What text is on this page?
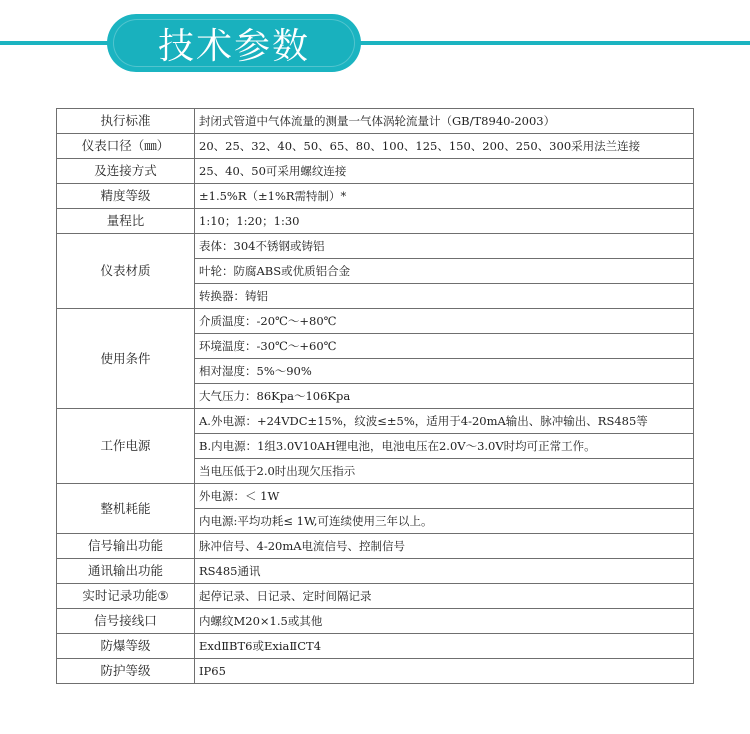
技术参数
执行标准	封闭式管道中气体流量的测量一气体涡轮流量计（GB/T8940-2003）
仪表口径（㎜）	20、25、32、40、50、65、80、100、125、150、200、250、300采用法兰连接
及连接方式	25、40、50可采用螺纹连接
精度等级	±1.5%R（±1%R需特制）*
量程比	1:10；1:20；1:30
仪表材质	表体：304不锈钢或铸铝
	叶轮：防腐ABS或优质铝合金
	转换器：铸铝
使用条件	介质温度：-20℃～+80℃
	环境温度：-30℃～+60℃
	相对湿度：5%～90%
	大气压力：86Kpa～106Kpa
工作电源	A.外电源：+24VDC±15%，纹波≤±5%，适用于4-20mA输出、脉冲输出、RS485等
	B.内电源：1组3.0V10AH锂电池，电池电压在2.0V～3.0V时均可正常工作。
	当电压低于2.0时出现欠压指示
整机耗能	外电源：＜ 1W
	内电源:平均功耗≤ 1W,可连续使用三年以上。
信号输出功能	脉冲信号、4-20mA电流信号、控制信号
通讯输出功能	RS485通讯
实时记录功能⑤	起停记录、日记录、定时间隔记录
信号接线口	内螺纹M20×1.5或其他
防爆等级	ExdⅡBT6或ExiaⅡCT4
防护等级	IP65
